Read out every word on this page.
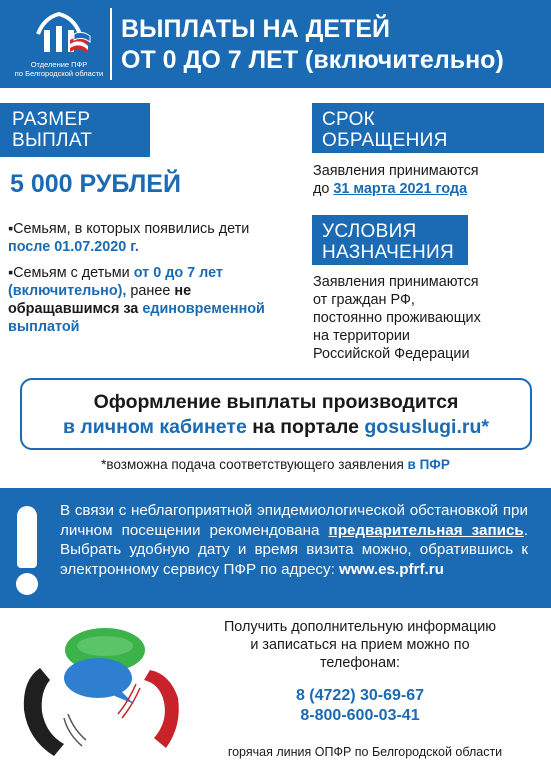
Отделение ПФР
по Белгородской области
ВЫПЛАТЫ НА ДЕТЕЙ
ОТ 0 ДО 7 ЛЕТ (включительно)
РАЗМЕР
ВЫПЛАТ
5 000 РУБЛЕЙ
▪Семьям, в которых появились дети после 01.07.2020 г.
▪Семьям с детьми от 0 до 7 лет (включительно), ранее не обращавшимся за единовременной выплатой
СРОК
ОБРАЩЕНИЯ
Заявления принимаются
до 31 марта 2021 года
УСЛОВИЯ
НАЗНАЧЕНИЯ
Заявления принимаются
от граждан РФ,
постоянно проживающих
на территории
Российской Федерации
Оформление выплаты производится
в личном кабинете на портале gosuslugi.ru*
*возможна подача соответствующего заявления в ПФР
В связи с неблагоприятной эпидемиологической обстановкой при личном посещении рекомендована предварительная запись. Выбрать удобную дату и время визита можно, обратившись к электронному сервису ПФР по адресу: www.es.pfrf.ru
Получить дополнительную информацию
и записаться на прием можно по
телефонам:
8 (4722) 30-69-67
8-800-600-03-41
горячая линия ОПФР по Белгородской области
